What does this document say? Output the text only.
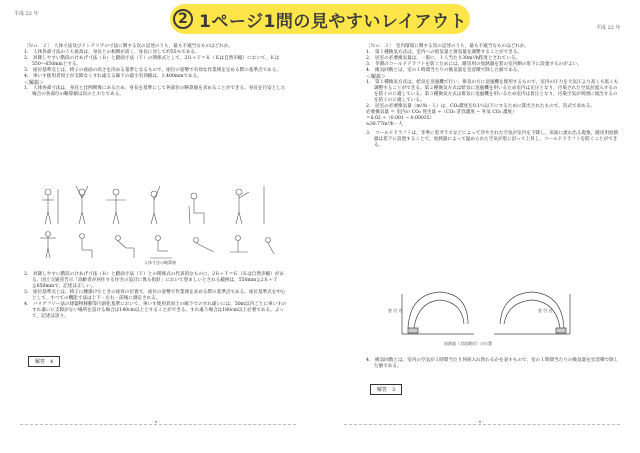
平成 22 年
平成 22 年
2 1ページ1問の見やすいレイアウト

［Ｎｏ．２］　人体寸法及びインテリアの寸法に関する次の記述のうち，最も不適当なものはどれか。

1.　人体各部寸法のうち座高は，身長との相関が高く，身長に対して約55％である。

2.　昇降しやすい階段のけあげ寸法（Ｒ）と踏面寸法（Ｔ）の関係式として，2Ｒ＋Ｔ＝Ｋ（Ｋは自然歩幅）において，Ｋは550〜650mmとする。

3.　座位基準点とは，椅子の座面の高さを決める基準となるもので，座位の姿勢で有効な作業域を定める際の基準点である。

4.　車いす使用者同士が支障なくすれ違える廊下の最小有効幅は，1,400mmである。

＜解説＞

1.　人体各部寸法は，身長と比例関係にあるため，身長を基準にして各部位の略算値を求めることができる。身長を目安とした場合の各部位の略算値は次のとおりである。

人体寸法の略算値

2.　昇降しやすい階段のけあげ寸法（Ｒ）と踏面寸法（Ｔ）との関係式の代表的なものに，2Ｒ＋Ｔ＝Ｋ（Ｋは自然歩幅）がある。国土交通省告示「高齢者が居住する住宅の設計に係る指針」において望ましいとされる範囲は，550mm≦2Ｒ＋Ｔ≦650mmで，記述は正しい。

3.　座位基準点とは，椅子に腰掛けたときの座骨の位置で，座位の姿勢で作業域を求める際の基準点である。座位基準点を中心として，すべての機能寸法は上下・左右・前後に測定される。

4.　バリアフリー法の建築物移動等円滑化基準において，車いす使用者同士の廊下でのすれ違いには，50m以内ごとに車いすのすれ違いに支障がない場所を設ける場合は140cm以上とすることができる。すれ違う場合は180cm以上必要である。よって，記述は誤り。

解答　4
- 6 -

［Ｎｏ．３］　室内環境に関する次の記述のうち，最も不適当なものはどれか。

1.　第１種換気方式は，室内への給気量と排気量を調整することができる。

2.　居室の必要換気量は，一般に，１人当たり30m³/h程度とされている。

3.　冬期のコールドドラフトを防ぐためには，暖房用の放熱器を窓の室内側の窓下に設置するのがよい。

4.　換気回数とは，室の１時間当たりの換気量を室容積で除した値である。

＜解説＞

1.　第１種換気方式は，給気を送風機で行い，排気の方に送風機を使用するもので，室内の圧力を大気圧より高くも低くも調整することができる。第２種換気方式は給気に送風機を用いるため室内は正圧となり，汚染された空気が流入するのを防ぐのに適している。第３種換気方式は排気に送風機を用いるため室内は負圧となり，汚染空気が周囲に流出するのを防ぐのに適している。

2.　居室の必要換気量（m³/h・人）は，CO₂濃度を0.1％以下にするために算出されたもので，次式で求める。

必要換気量 ＝ 室内の CO₂ 発生量 ÷（CO₂ 許容濃度 − 外気 CO₂ 濃度）

＝0.02 ÷（0.001 − 0.00035）

≒30.77m³/h・人

3.　コールドドラフトは，冬季に窓ガラスなどによって冷やされた空気が室内を下降し，床面に流れ出る現象。暖房用放熱器は窓下に設置することで，放熱器によって温められた空気が窓に沿って上昇し，コールドドラフトを防ぐことができる。

窓 付 近	窓 付 近
放熱器（対流暖房）の位置

4.　換気回数とは，室内の空気が１時間当たり何回入れ替わるかを表すもので，室の１時間当たりの換気量を室容積で除した値である。

解答　3
- 6 -
